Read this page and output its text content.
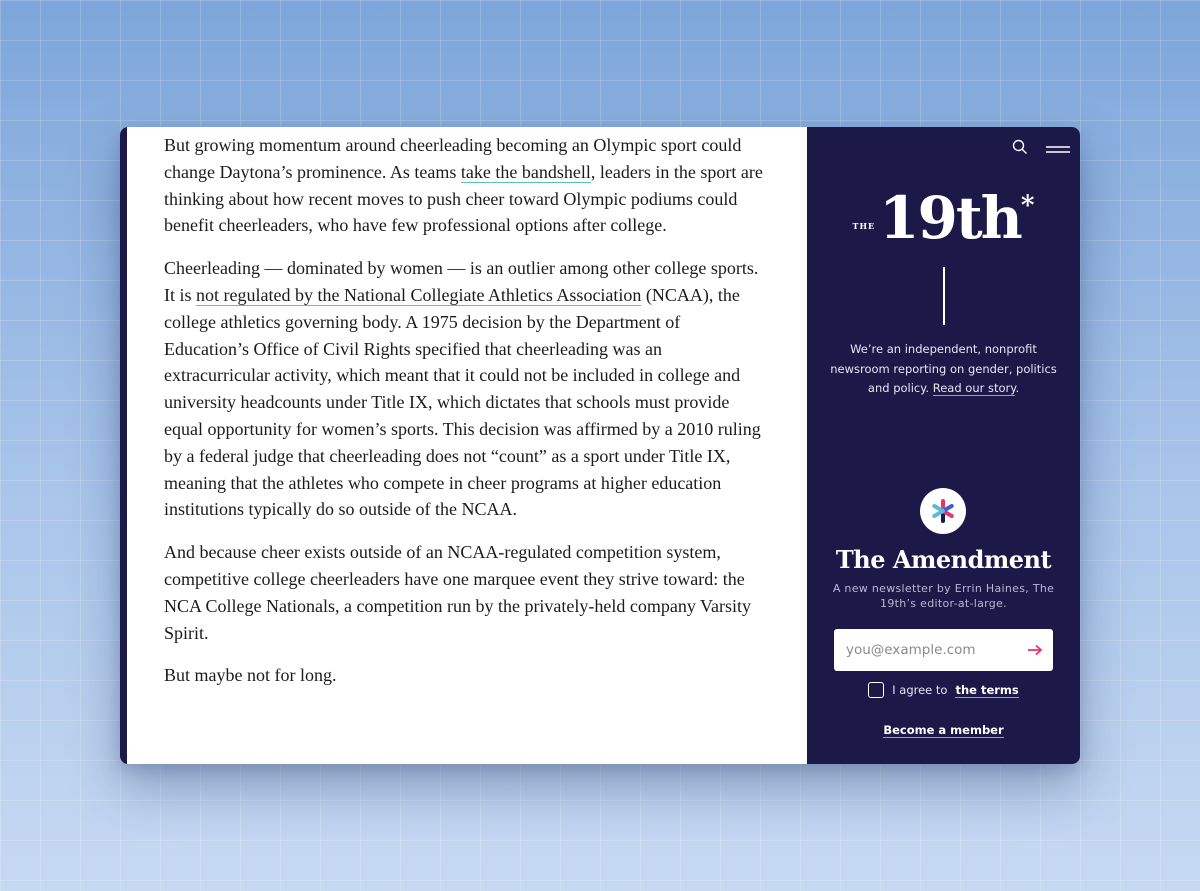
But growing momentum around cheerleading becoming an Olympic sport could change Daytona’s prominence. As teams take the bandshell, leaders in the sport are thinking about how recent moves to push cheer toward Olympic podiums could benefit cheerleaders, who have few professional options after college.

Cheerleading — dominated by women — is an outlier among other college sports. It is not regulated by the National Collegiate Athletics Association (NCAA), the college athletics governing body. A 1975 decision by the Department of Education’s Office of Civil Rights specified that cheerleading was an extracurricular activity, which meant that it could not be included in college and university headcounts under Title IX, which dictates that schools must provide equal opportunity for women’s sports. This decision was affirmed by a 2010 ruling by a federal judge that cheerleading does not “count” as a sport under Title IX, meaning that the athletes who compete in cheer programs at higher education institutions typically do so outside of the NCAA.

And because cheer exists outside of an NCAA-regulated competition system, competitive college cheerleaders have one marquee event they strive toward: the NCA College Nationals, a competition run by the privately-held company Varsity Spirit.

But maybe not for long.

THE 19th *

We’re an independent, nonprofit newsroom reporting on gender, politics and policy. Read our story.

The Amendment

A new newsletter by Errin Haines, The 19th’s editor-at-large.

you@example.com
I agree to the terms
Become a member
